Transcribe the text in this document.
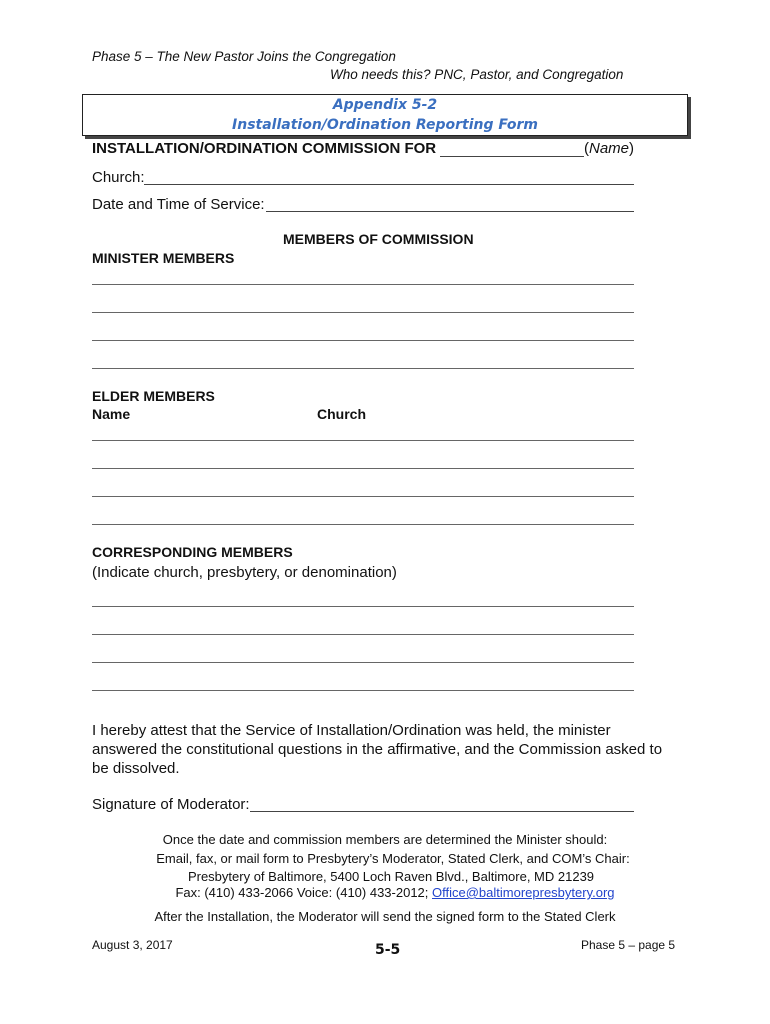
Phase 5 – The New Pastor Joins the Congregation
Who needs this? PNC, Pastor, and Congregation
Appendix 5-2
Installation/Ordination Reporting Form
INSTALLATION/ORDINATION COMMISSION FOR	(Name)
Church:
Date and Time of Service:
MEMBERS OF COMMISSION
MINISTER MEMBERS
ELDER MEMBERS
Name	Church
CORRESPONDING MEMBERS
(Indicate church, presbytery, or denomination)
I hereby attest that the Service of Installation/Ordination was held, the minister
answered the constitutional questions in the affirmative, and the Commission asked to
be dissolved.
Signature of Moderator:
Once the date and commission members are determined the Minister should:
Email, fax, or mail form to Presbytery’s Moderator, Stated Clerk, and COM’s Chair:
Presbytery of Baltimore, 5400 Loch Raven Blvd., Baltimore, MD 21239
Fax: (410) 433-2066 Voice: (410) 433-2012; Office@baltimorepresbytery.org
After the Installation, the Moderator will send the signed form to the Stated Clerk
August 3, 2017	5-5	Phase 5 – page 5
